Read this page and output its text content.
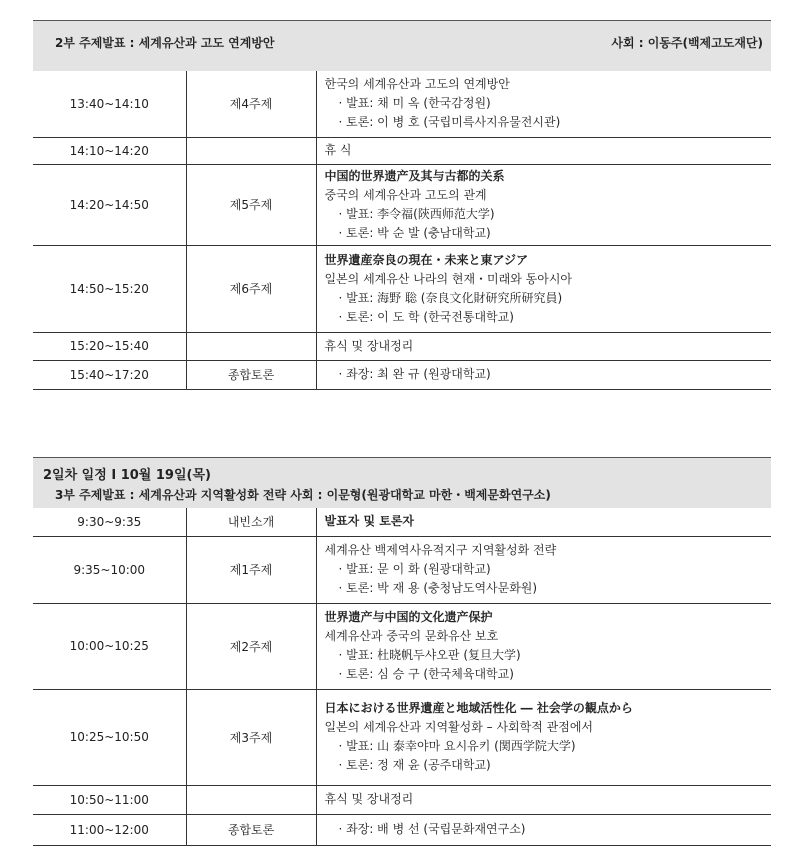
2부 주제발표 : 세계유산과 고도 연계방안	사회 : 이동주(백제고도재단)
13:40~14:10	제4주제	한국의 세계유산과 고도의 연계방안
· 발표: 채 미 옥 (한국감정원)
· 토론: 이 병 호 (국립미륵사지유물전시관)

14:10~14:20		휴 식

14:20~14:50	제5주제	中国的世界遗产及其与古都的关系
중국의 세계유산과 고도의 관계
· 발표: 李令福(陝西师范大学)
· 토론: 박 순 발 (충남대학교)

14:50~15:20	제6주제	世界遺産奈良の現在・未来と東アジア
일본의 세계유산 나라의 현재・미래와 동아시아
· 발표: 海野 聡 (奈良文化財研究所研究員)
· 토론: 이 도 학 (한국전통대학교)

15:20~15:40		휴식 및 장내정리

15:40~17:20	종합토론	· 좌장: 최 완 규 (원광대학교)
2일차 일정 Ι 10월 19일(목)
3부 주제발표 : 세계유산과 지역활성화 전략 사회 : 이문형(원광대학교 마한・백제문화연구소)
9:30~9:35	내빈소개	발표자 및 토론자

9:35~10:00	제1주제	세계유산 백제역사유적지구 지역활성화 전략
· 발표: 문 이 화 (원광대학교)
· 토론: 박 재 용 (충청남도역사문화원)

10:00~10:25	제2주제	世界遗产与中国的文化遗产保护
세계유산과 중국의 문화유산 보호
· 발표: 杜晓帆두샤오판 (复旦大学)
· 토론: 심 승 구 (한국체육대학교)

10:25~10:50	제3주제	日本における世界遺産と地域活性化 ― 社会学の観点から
일본의 세계유산과 지역활성화 – 사회학적 관점에서
· 발표: 山 泰幸야마 요시유키 (関西学院大学)
· 토론: 정 재 윤 (공주대학교)

10:50~11:00		휴식 및 장내정리

11:00~12:00	종합토론	· 좌장: 배 병 선 (국립문화재연구소)
